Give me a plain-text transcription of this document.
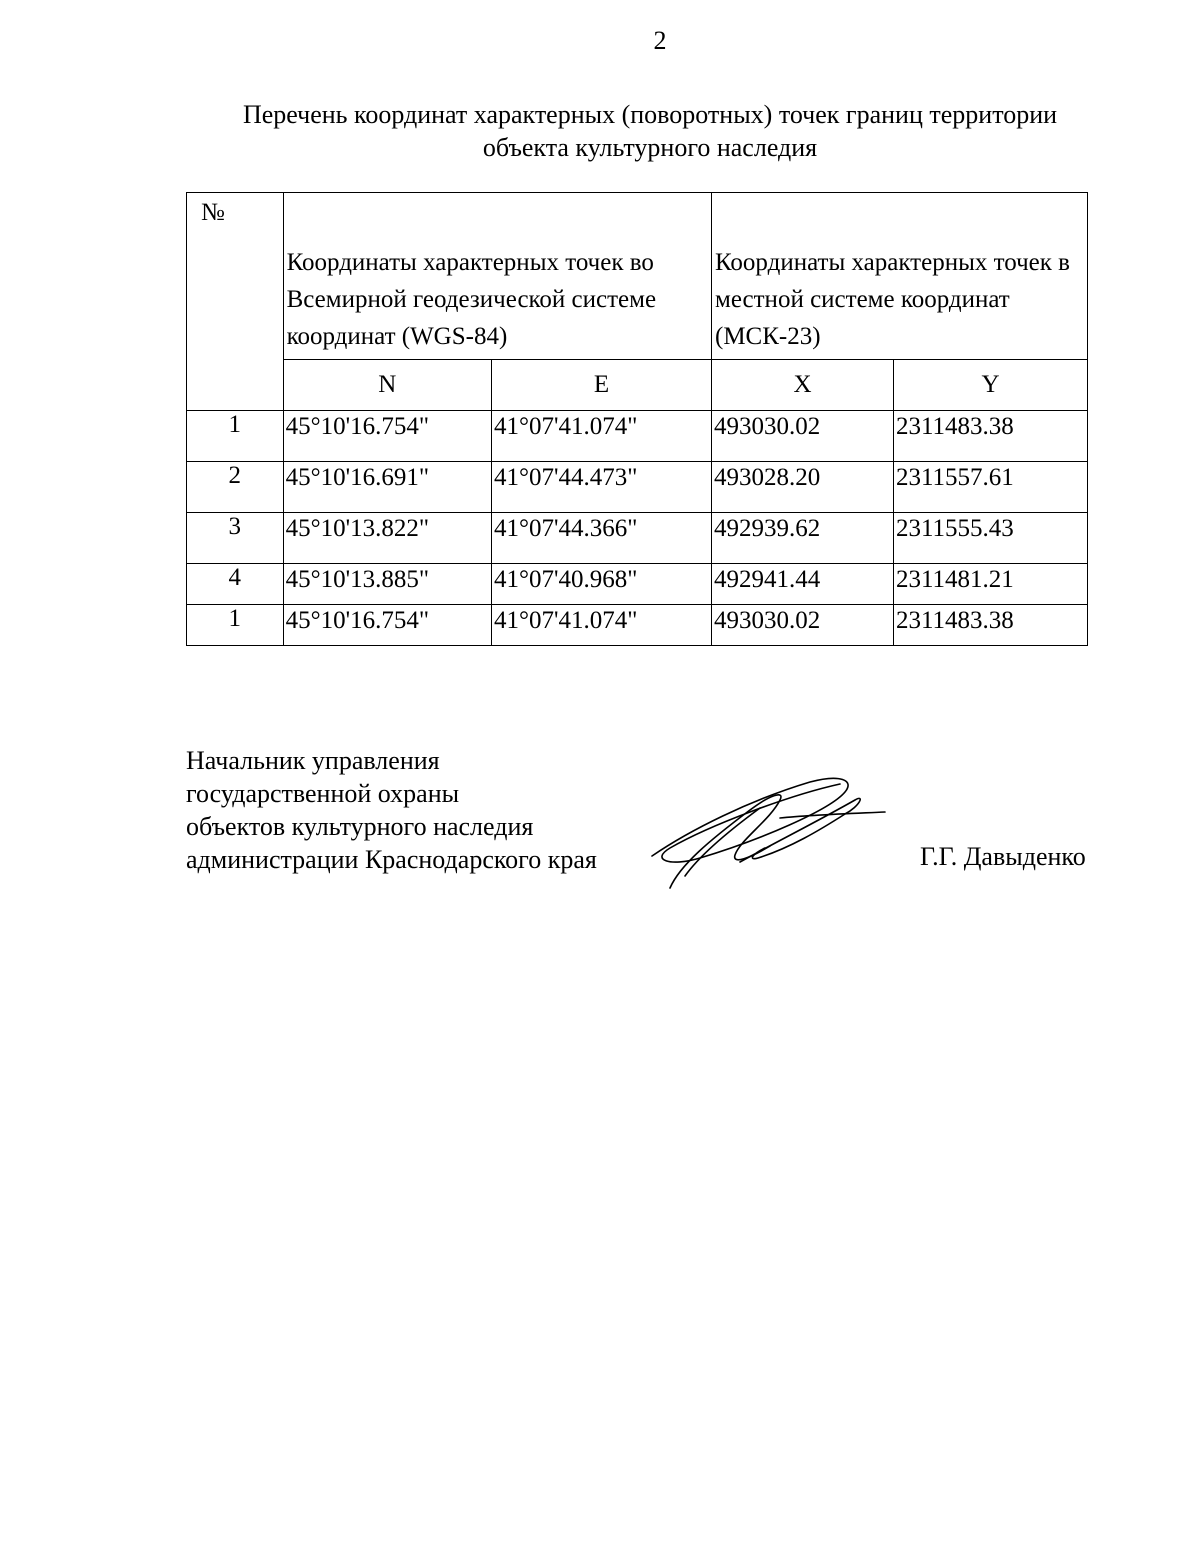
2
Перечень координат характерных (поворотных) точек границ территории объекта культурного наследия
№	Координаты характерных точек во Всемирной геодезической системе координат (WGS-84)		Координаты характерных точек в местной системе координат (МСК-23)	

	N	E	X	Y
1	45°10'16.754"	41°07'41.074"	493030.02	2311483.38
2	45°10'16.691"	41°07'44.473"	493028.20	2311557.61
3	45°10'13.822"	41°07'44.366"	492939.62	2311555.43
4	45°10'13.885"	41°07'40.968"	492941.44	2311481.21
1	45°10'16.754"	41°07'41.074"	493030.02	2311483.38
Начальник управления
государственной охраны
объектов культурного наследия
администрации Краснодарского края	Г.Г. Давыденко
